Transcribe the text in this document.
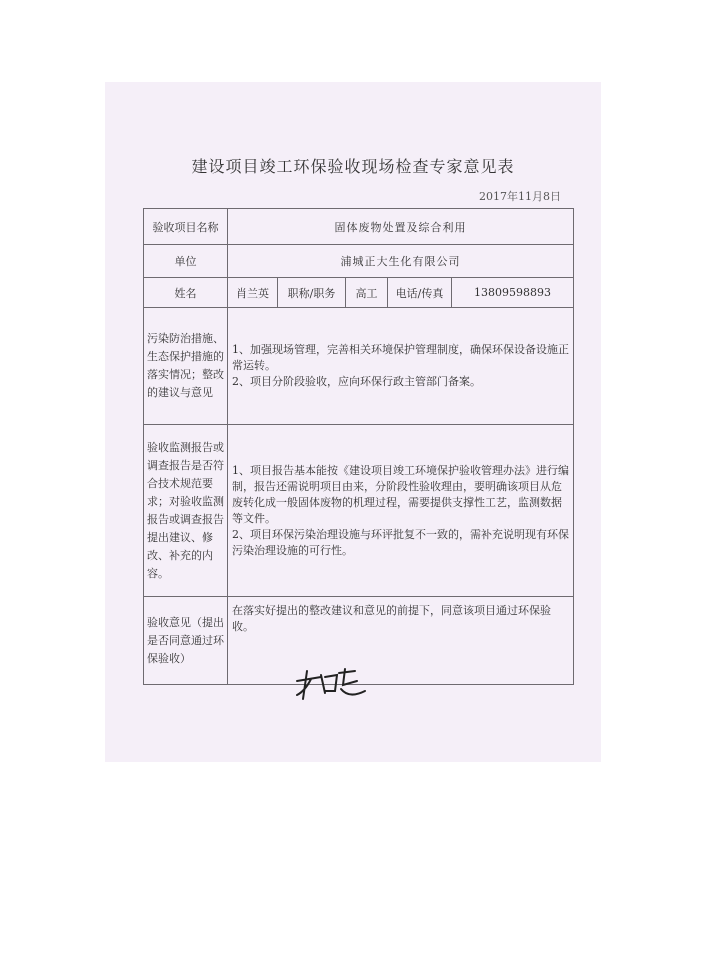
建设项目竣工环保验收现场检查专家意见表
2017年11月8日
验收项目名称	固体废物处置及综合利用				
单位	浦城正大生化有限公司				
姓名	肖兰英	职称/职务	高工	电话/传真	13809598893
污染防治措施、生态保护措施的落实情况；整改的建议与意见	1、加强现场管理，完善相关环境保护管理制度，确保环保设备设施正常运转。
2、项目分阶段验收，应向环保行政主管部门备案。				

验收监测报告或调查报告是否符合技术规范要求；对验收监测报告或调查报告提出建议、修改、补充的内容。	1、项目报告基本能按《建设项目竣工环境保护验收管理办法》进行编制，报告还需说明项目由来，分阶段性验收理由，要明确该项目从危废转化成一般固体废物的机理过程，需要提供支撑性工艺，监测数据等文件。
2、项目环保污染治理设施与环评批复不一致的，需补充说明现有环保污染治理设施的可行性。				

验收意见（提出是否同意通过环保验收）	在落实好提出的整改建议和意见的前提下，同意该项目通过环保验收。				
